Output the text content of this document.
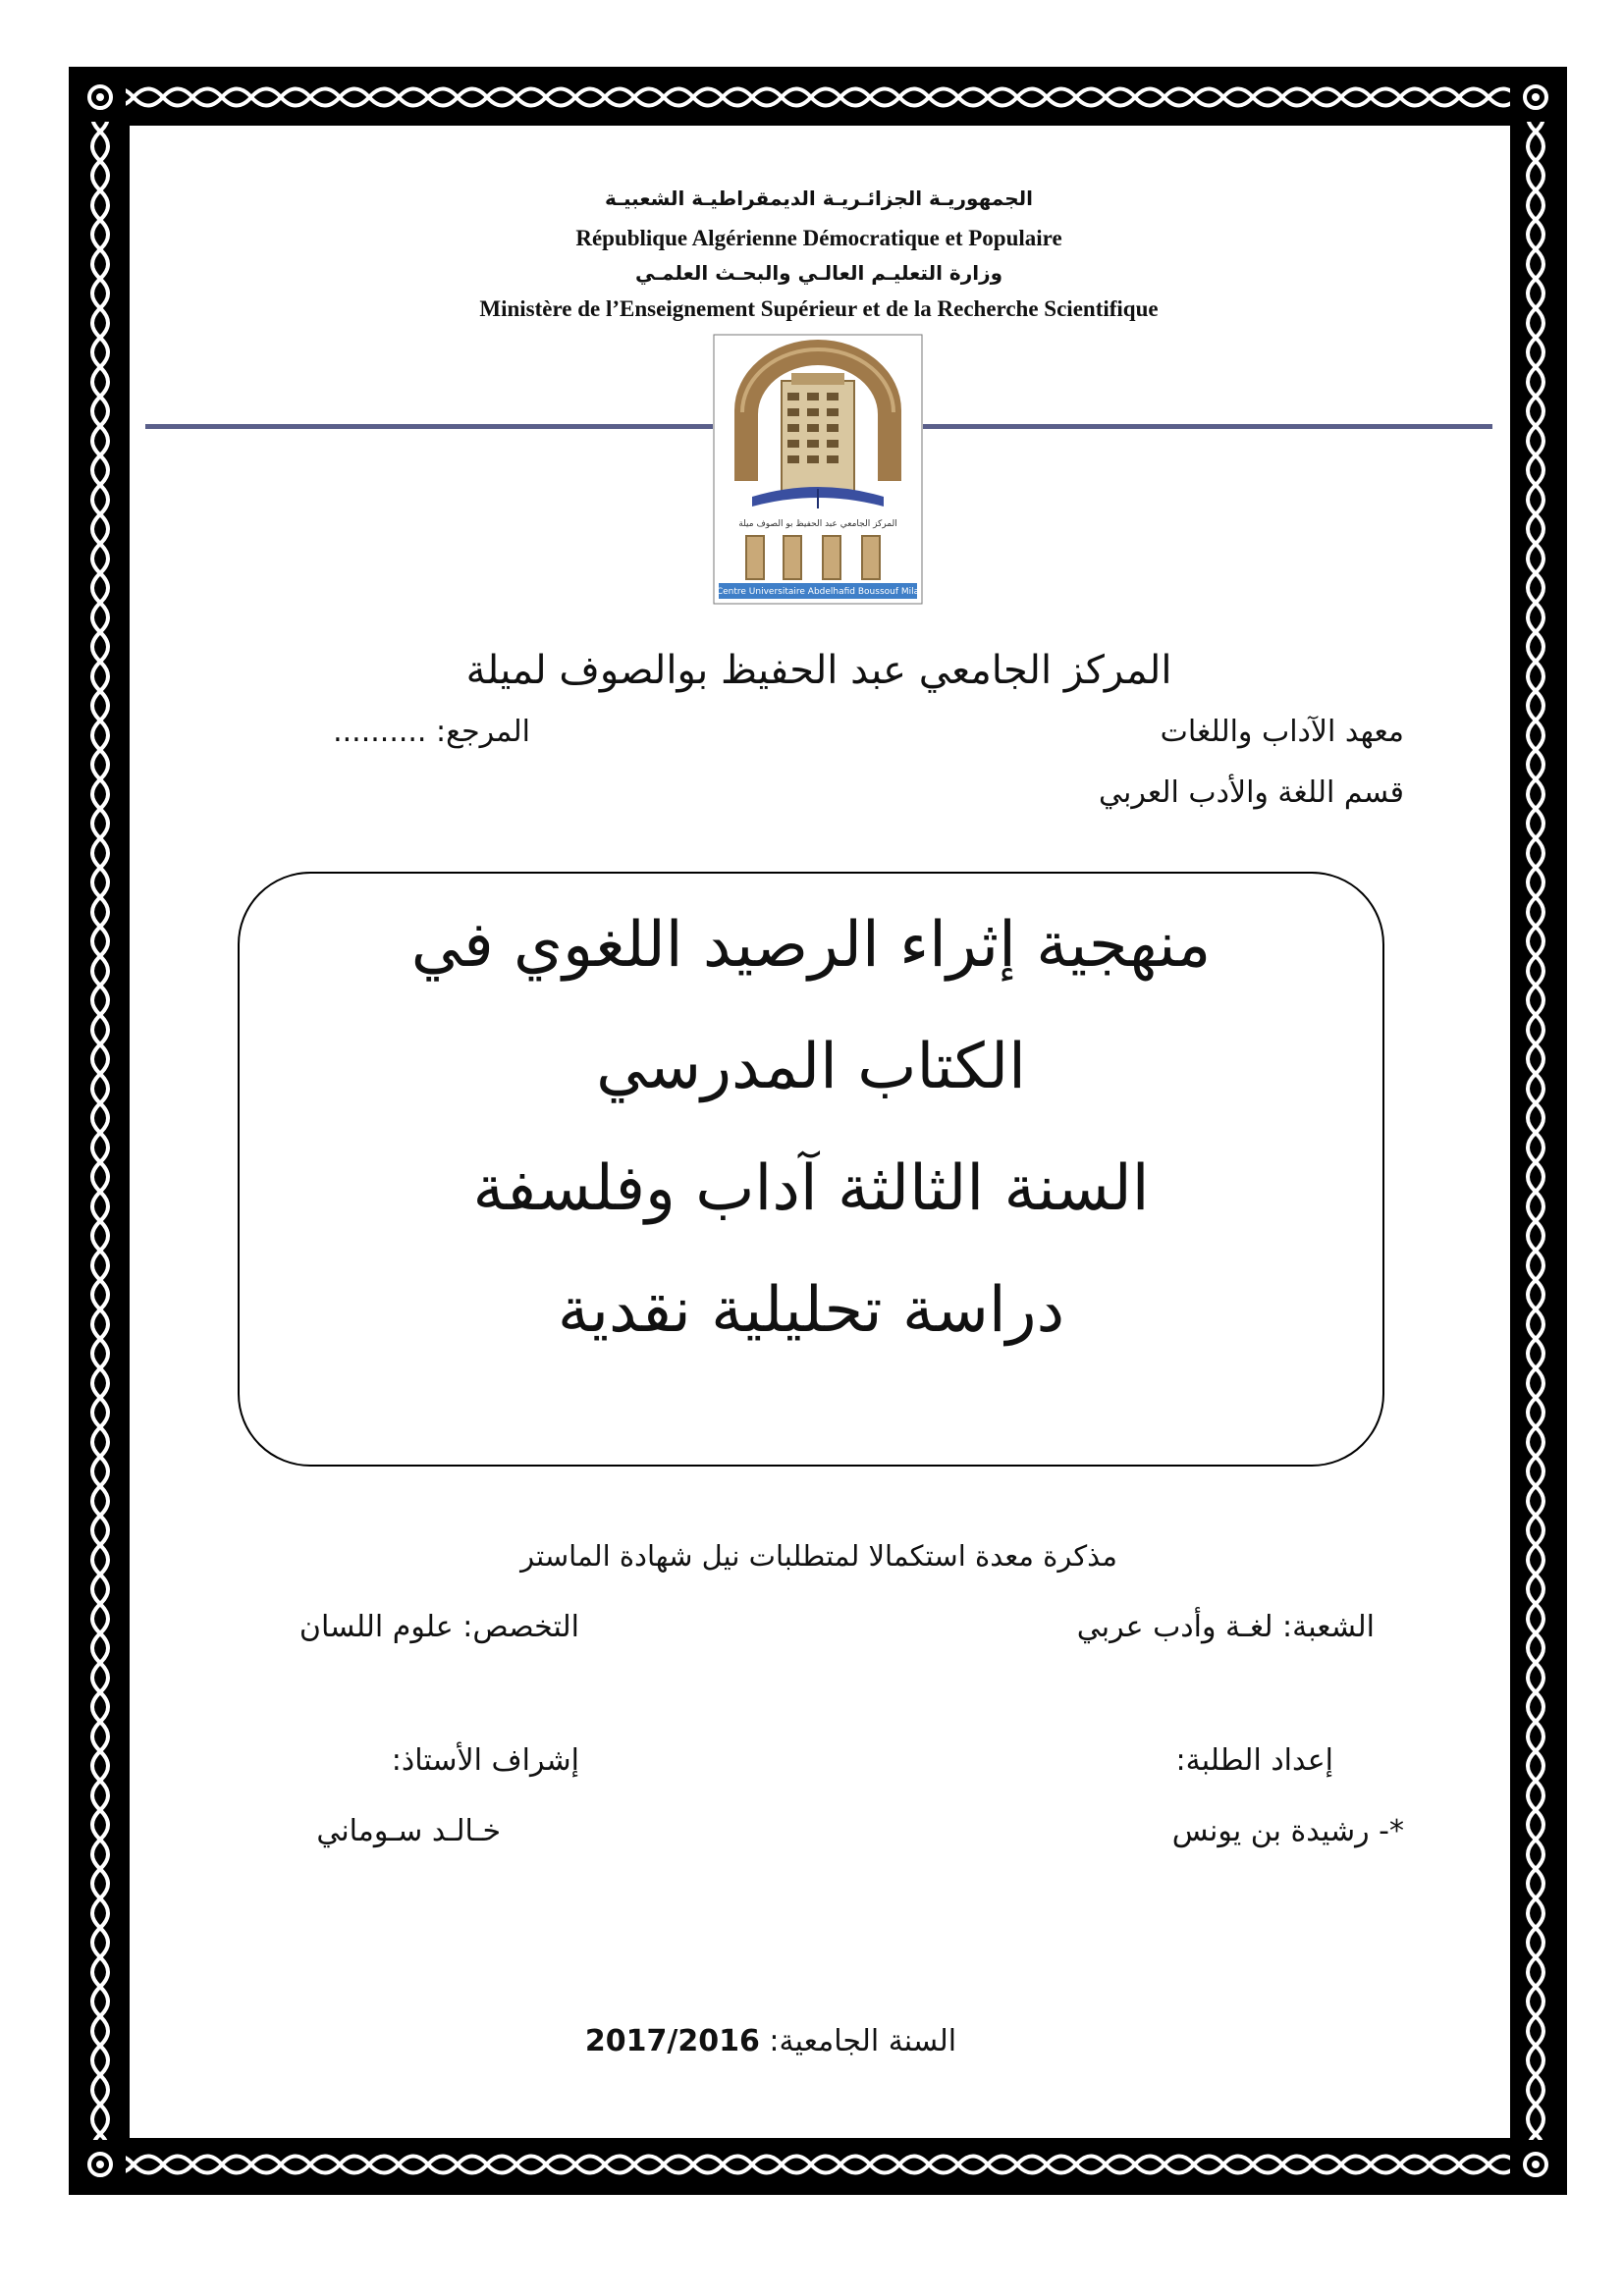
الجمهوريـة الجزائـريـة الديمقراطيـة الشعبيـة
République Algérienne Démocratique et Populaire
وزارة التعليـم العالـي والبحـث العلمـي
Ministère de l’Enseignement Supérieur et de la Recherche Scientifique
المركز الجامعي عبد الحفيظ بو الصوف ميلة
Centre Universitaire Abdelhafid Boussouf Mila
المركز الجامعي عبد الحفيظ بوالصوف لميلة
معهد الآداب واللغات
المرجع: ..........
قسم اللغة والأدب العربي
منهجية إثراء الرصيد اللغوي في
الكتاب المدرسي
السنة الثالثة آداب وفلسفة
دراسة تحليلية نقدية
مذكرة معدة استكمالا لمتطلبات نيل شهادة الماستر
الشعبة: لغـة وأدب عربي
التخصص: علوم اللسان
إعداد الطلبة:
إشراف الأستاذ:
*- رشيدة بن يونس
خـالـد سـوماني
السنة الجامعية: 2017/2016
